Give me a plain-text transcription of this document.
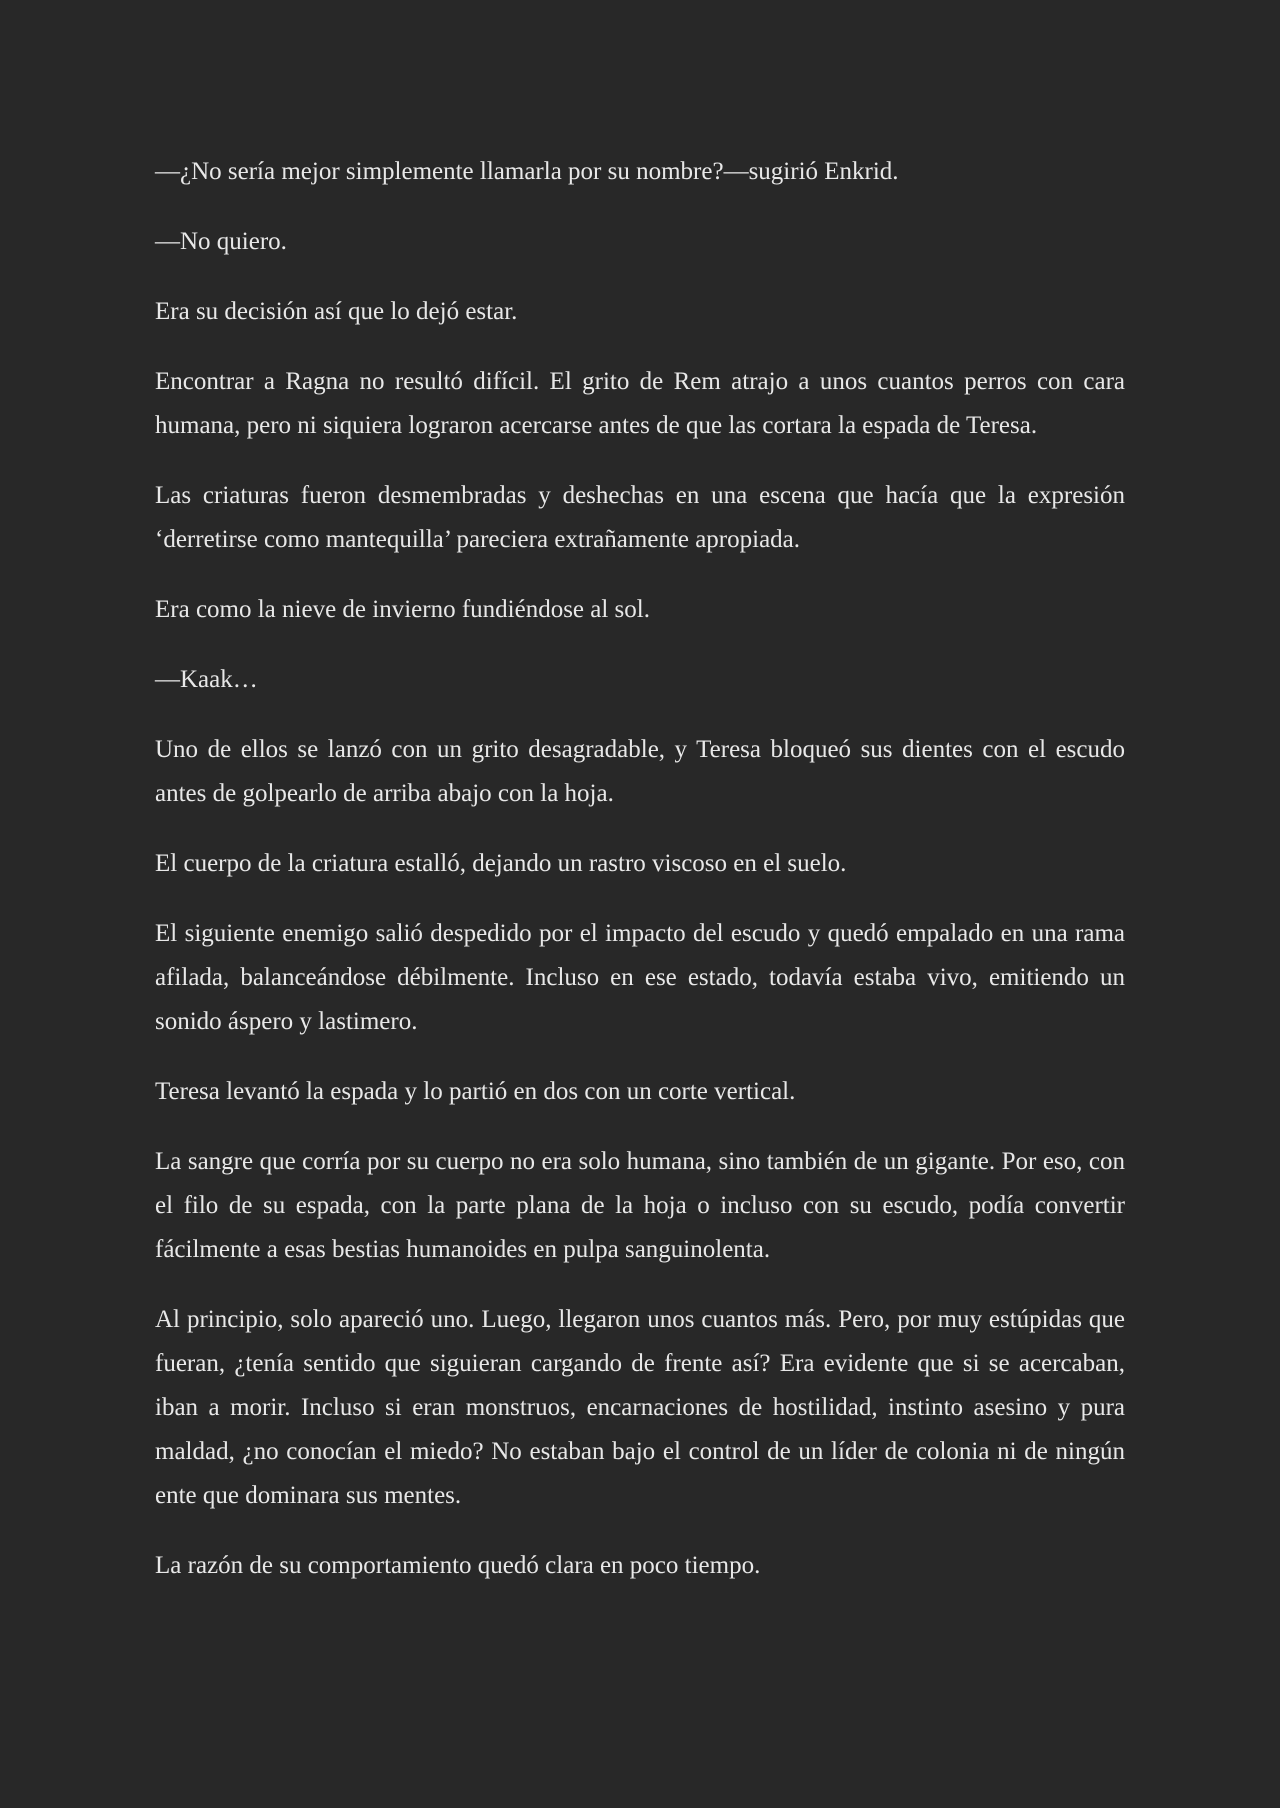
—¿No sería mejor simplemente llamarla por su nombre?—sugirió Enkrid.

—No quiero.

Era su decisión así que lo dejó estar.

Encontrar a Ragna no resultó difícil. El grito de Rem atrajo a unos cuantos perros con cara humana, pero ni siquiera lograron acercarse antes de que las cortara la espada de Teresa.

Las criaturas fueron desmembradas y deshechas en una escena que hacía que la expresión ‘derretirse como mantequilla’ pareciera extrañamente apropiada.

Era como la nieve de invierno fundiéndose al sol.

—Kaak…

Uno de ellos se lanzó con un grito desagradable, y Teresa bloqueó sus dientes con el escudo antes de golpearlo de arriba abajo con la hoja.

El cuerpo de la criatura estalló, dejando un rastro viscoso en el suelo.

El siguiente enemigo salió despedido por el impacto del escudo y quedó empalado en una rama afilada, balanceándose débilmente. Incluso en ese estado, todavía estaba vivo, emitiendo un sonido áspero y lastimero.

Teresa levantó la espada y lo partió en dos con un corte vertical.

La sangre que corría por su cuerpo no era solo humana, sino también de un gigante. Por eso, con el filo de su espada, con la parte plana de la hoja o incluso con su escudo, podía convertir fácilmente a esas bestias humanoides en pulpa sanguinolenta.

Al principio, solo apareció uno. Luego, llegaron unos cuantos más. Pero, por muy estúpidas que fueran, ¿tenía sentido que siguieran cargando de frente así? Era evidente que si se acercaban, iban a morir. Incluso si eran monstruos, encarnaciones de hostilidad, instinto asesino y pura maldad, ¿no conocían el miedo? No estaban bajo el control de un líder de colonia ni de ningún ente que dominara sus mentes.

La razón de su comportamiento quedó clara en poco tiempo.
